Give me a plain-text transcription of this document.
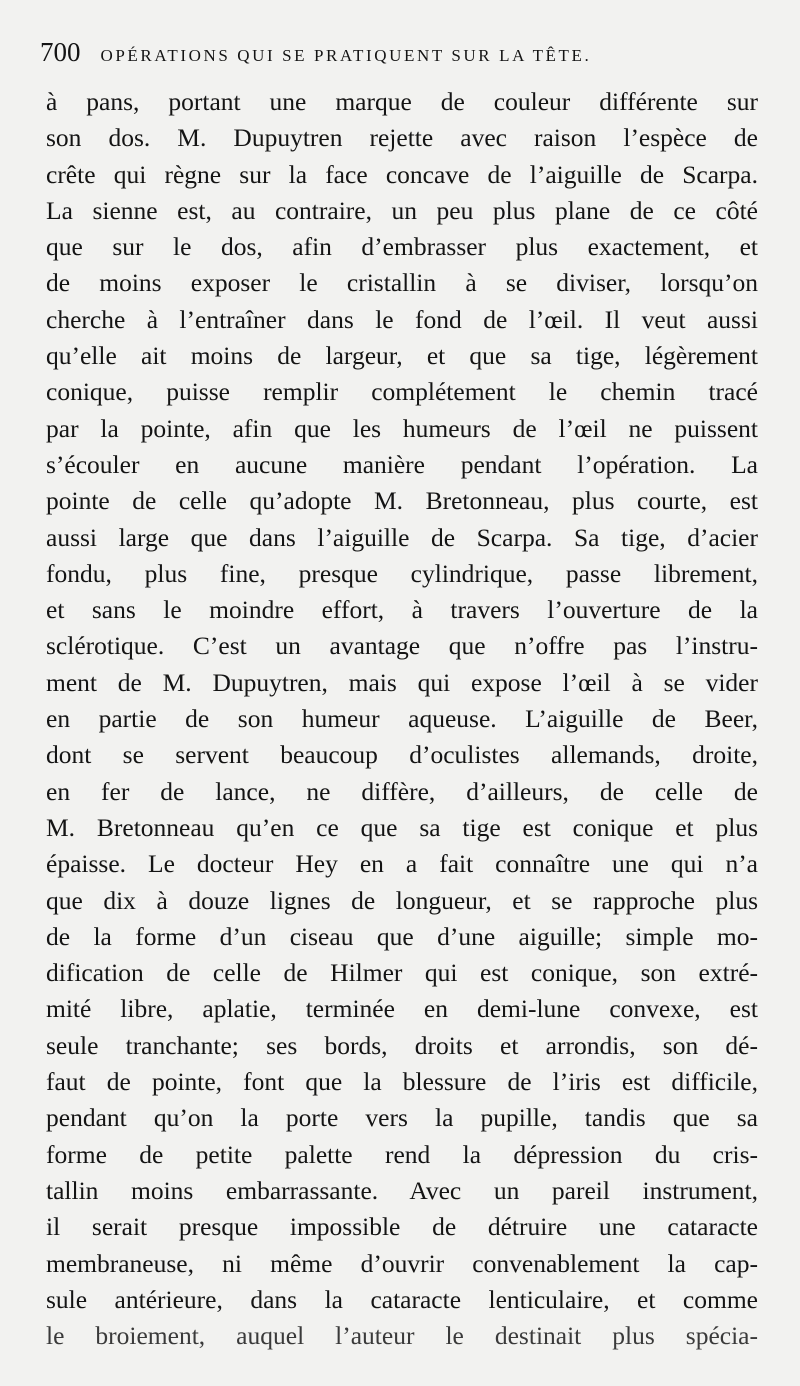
700 OPÉRATIONS QUI SE PRATIQUENT SUR LA TÊTE.
à pans, portant une marque de couleur différente sur
son dos. M. Dupuytren rejette avec raison l’espèce de
crête qui règne sur la face concave de l’aiguille de Scarpa.
La sienne est, au contraire, un peu plus plane de ce côté
que sur le dos, afin d’embrasser plus exactement, et
de moins exposer le cristallin à se diviser, lorsqu’on
cherche à l’entraîner dans le fond de l’œil. Il veut aussi
qu’elle ait moins de largeur, et que sa tige, légèrement
conique, puisse remplir complétement le chemin tracé
par la pointe, afin que les humeurs de l’œil ne puissent
s’écouler en aucune manière pendant l’opération. La
pointe de celle qu’adopte M. Bretonneau, plus courte, est
aussi large que dans l’aiguille de Scarpa. Sa tige, d’acier
fondu, plus fine, presque cylindrique, passe librement,
et sans le moindre effort, à travers l’ouverture de la
sclérotique. C’est un avantage que n’offre pas l’instru-
ment de M. Dupuytren, mais qui expose l’œil à se vider
en partie de son humeur aqueuse. L’aiguille de Beer,
dont se servent beaucoup d’oculistes allemands, droite,
en fer de lance, ne diffère, d’ailleurs, de celle de
M. Bretonneau qu’en ce que sa tige est conique et plus
épaisse. Le docteur Hey en a fait connaître une qui n’a
que dix à douze lignes de longueur, et se rapproche plus
de la forme d’un ciseau que d’une aiguille; simple mo-
dification de celle de Hilmer qui est conique, son extré-
mité libre, aplatie, terminée en demi-lune convexe, est
seule tranchante; ses bords, droits et arrondis, son dé-
faut de pointe, font que la blessure de l’iris est difficile,
pendant qu’on la porte vers la pupille, tandis que sa
forme de petite palette rend la dépression du cris-
tallin moins embarrassante. Avec un pareil instrument,
il serait presque impossible de détruire une cataracte
membraneuse, ni même d’ouvrir convenablement la cap-
sule antérieure, dans la cataracte lenticulaire, et comme
le broiement, auquel l’auteur le destinait plus spécia-
